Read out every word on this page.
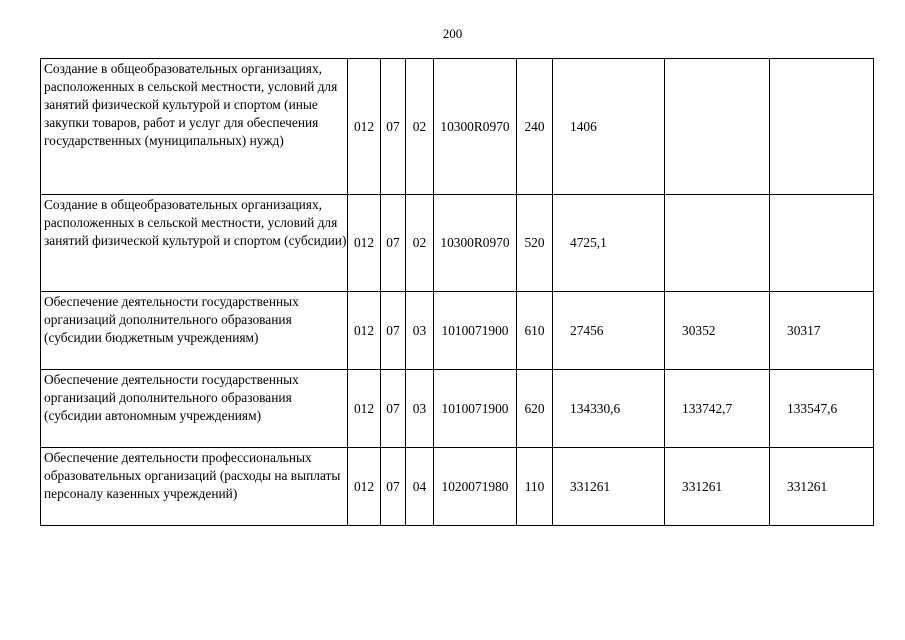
200
Создание в общеобразовательных организациях, расположенных в сельской местности, условий для занятий физической культурой и спортом (иные закупки товаров, работ и услуг для обеспечения государственных (муниципальных) нужд)	012	07	02	10300R0970	240	1406		
Создание в общеобразовательных организациях, расположенных в сельской местности, условий для занятий физической культурой и спортом (субсидии)	012	07	02	10300R0970	520	4725,1		
Обеспечение деятельности государственных организаций дополнительного образования (субсидии бюджетным учреждениям)	012	07	03	1010071900	610	27456	30352	30317
Обеспечение деятельности государственных организаций дополнительного образования (субсидии автономным учреждениям)	012	07	03	1010071900	620	134330,6	133742,7	133547,6
Обеспечение деятельности профессиональных образовательных организаций (расходы на выплаты персоналу казенных учреждений)	012	07	04	1020071980	110	331261	331261	331261
